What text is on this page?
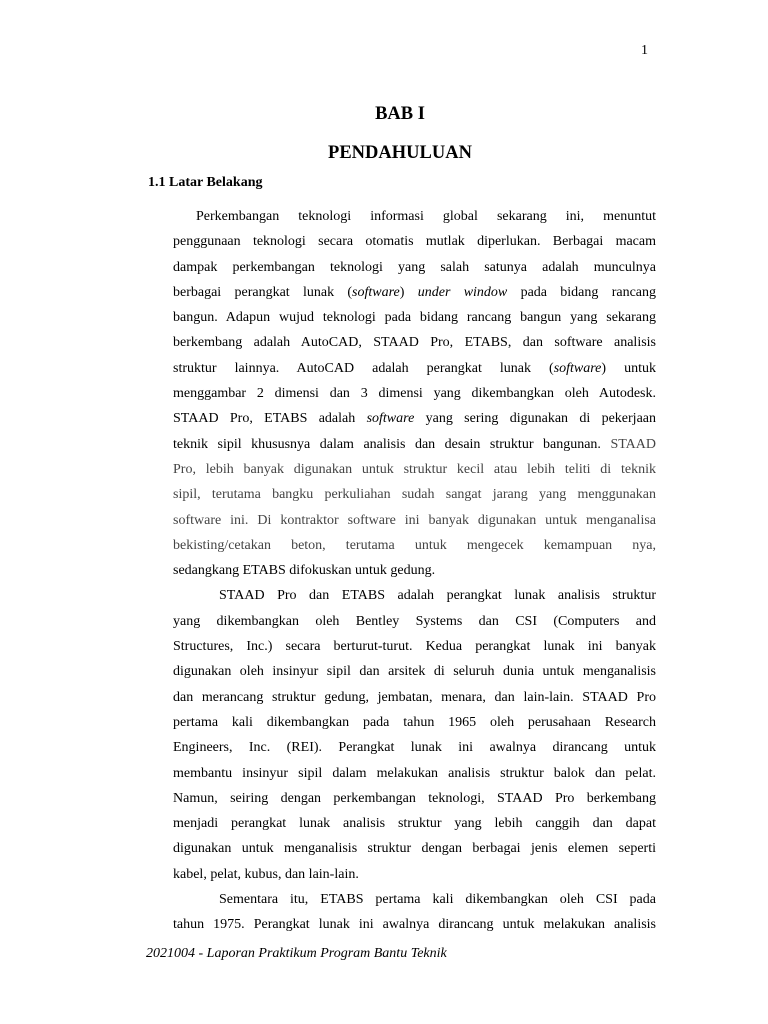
1
BAB I
PENDAHULUAN
1.1 Latar Belakang
Perkembangan teknologi informasi global sekarang ini, menuntut
penggunaan teknologi secara otomatis mutlak diperlukan. Berbagai macam
dampak perkembangan teknologi yang salah satunya adalah munculnya
berbagai perangkat lunak (software) under window pada bidang rancang
bangun. Adapun wujud teknologi pada bidang rancang bangun yang sekarang
berkembang adalah AutoCAD, STAAD Pro, ETABS, dan software analisis
struktur lainnya. AutoCAD adalah perangkat lunak (software) untuk
menggambar 2 dimensi dan 3 dimensi yang dikembangkan oleh Autodesk.
STAAD Pro, ETABS adalah software yang sering digunakan di pekerjaan
teknik sipil khususnya dalam analisis dan desain struktur bangunan. STAAD
Pro, lebih banyak digunakan untuk struktur kecil atau lebih teliti di teknik
sipil, terutama bangku perkuliahan sudah sangat jarang yang menggunakan
software ini. Di kontraktor software ini banyak digunakan untuk menganalisa
bekisting/cetakan beton, terutama untuk mengecek kemampuan nya,
sedangkang ETABS difokuskan untuk gedung.
STAAD Pro dan ETABS adalah perangkat lunak analisis struktur
yang dikembangkan oleh Bentley Systems dan CSI (Computers and
Structures, Inc.) secara berturut-turut. Kedua perangkat lunak ini banyak
digunakan oleh insinyur sipil dan arsitek di seluruh dunia untuk menganalisis
dan merancang struktur gedung, jembatan, menara, dan lain-lain. STAAD Pro
pertama kali dikembangkan pada tahun 1965 oleh perusahaan Research
Engineers, Inc. (REI). Perangkat lunak ini awalnya dirancang untuk
membantu insinyur sipil dalam melakukan analisis struktur balok dan pelat.
Namun, seiring dengan perkembangan teknologi, STAAD Pro berkembang
menjadi perangkat lunak analisis struktur yang lebih canggih dan dapat
digunakan untuk menganalisis struktur dengan berbagai jenis elemen seperti
kabel, pelat, kubus, dan lain-lain.
Sementara itu, ETABS pertama kali dikembangkan oleh CSI pada
tahun 1975. Perangkat lunak ini awalnya dirancang untuk melakukan analisis
2021004 - Laporan Praktikum Program Bantu Teknik
